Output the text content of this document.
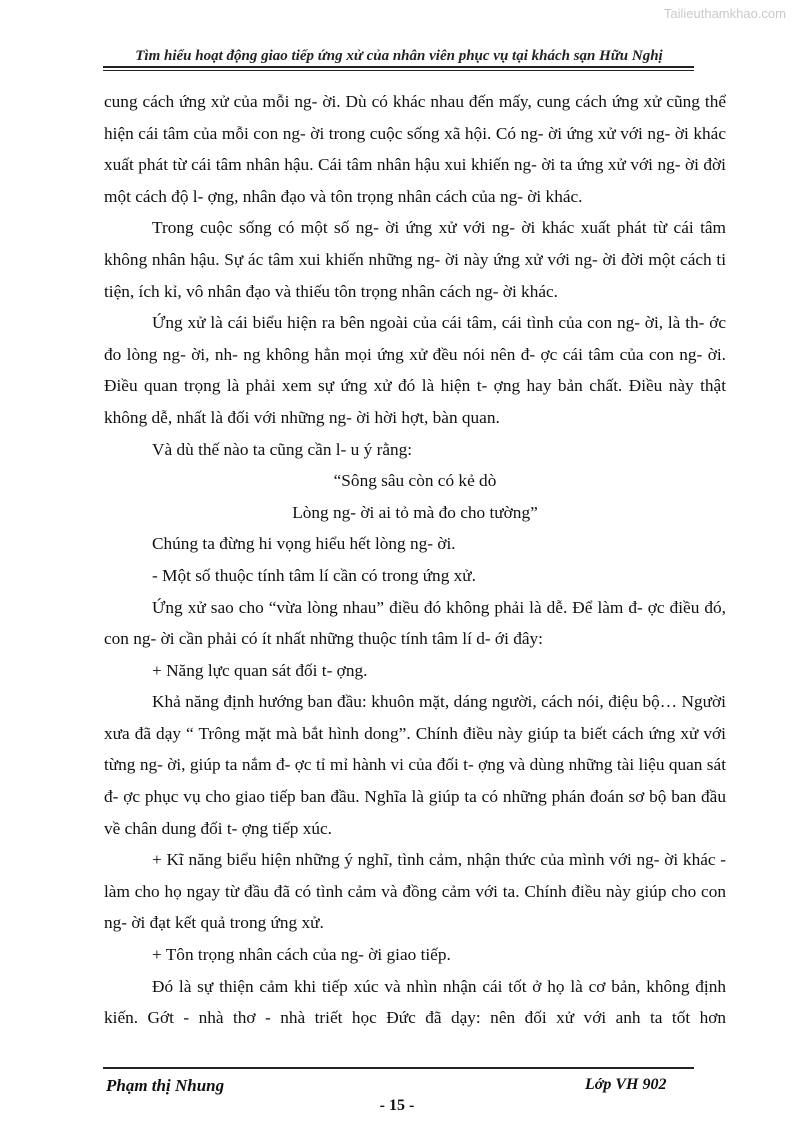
Tailieuthamkhao.com
Tìm hiểu hoạt động giao tiếp ứng xử của nhân viên phục vụ tại khách sạn Hữu Nghị
cung cách ứng xử của mỗi ng- ời. Dù có khác nhau đến mấy, cung cách ứng xử cũng thể hiện cái tâm của mỗi con ng- ời trong cuộc sống xã hội. Có ng- ời ứng xử với ng- ời khác xuất phát từ cái tâm nhân hậu. Cái tâm nhân hậu xui khiến ng- ời ta ứng xử với ng- ời đời một cách độ l- ợng, nhân đạo và tôn trọng nhân cách của ng- ời khác.
Trong cuộc sống có một số ng- ời ứng xử với ng- ời khác xuất phát từ cái tâm không nhân hậu. Sự ác tâm xui khiến những ng- ời này ứng xử với ng- ời đời một cách ti tiện, ích kỉ, vô nhân đạo và thiếu tôn trọng nhân cách ng- ời khác.
Ứng xử là cái biểu hiện ra bên ngoài của cái tâm, cái tình của con ng- ời, là th- ớc đo lòng ng- ời, nh- ng không hẳn mọi ứng xử đều nói nên đ- ợc cái tâm của con ng- ời. Điều quan trọng là phải xem sự ứng xử đó là hiện t- ợng hay bản chất. Điều này thật không dễ, nhất là đối với những ng- ời hời hợt, bàn quan.
Và dù thế nào ta cũng cần l- u ý rằng:
“Sông sâu còn có kẻ dò
Lòng ng- ời ai tỏ mà đo cho tường”
Chúng ta đừng hi vọng hiểu hết lòng ng- ời.
- Một số thuộc tính tâm lí cần có trong ứng xử.
Ứng xử sao cho “vừa lòng nhau” điều đó không phải là dễ. Để làm đ- ợc điều đó, con ng- ời cần phải có ít nhất những thuộc tính tâm lí d- ới đây:
+ Năng lực quan sát đối t- ợng.
Khả năng định hướng ban đầu: khuôn mặt, dáng người, cách nói, điệu bộ… Người xưa đã dạy “ Trông mặt mà bắt hình dong”. Chính điều này giúp ta biết cách ứng xử với từng ng- ời, giúp ta nắm đ- ợc tỉ mỉ hành vi của đối t- ợng và dùng những tài liệu quan sát đ- ợc phục vụ cho giao tiếp ban đầu. Nghĩa là giúp ta có những phán đoán sơ bộ ban đầu về chân dung đối t- ợng tiếp xúc.
+ Kĩ năng biểu hiện những ý nghĩ, tình cảm, nhận thức của mình với ng- ời khác - làm cho họ ngay từ đầu đã có tình cảm và đồng cảm với ta. Chính điều này giúp cho con ng- ời đạt kết quả trong ứng xử.
+ Tôn trọng nhân cách của ng- ời giao tiếp.
Đó là sự thiện cảm khi tiếp xúc và nhìn nhận cái tốt ở họ là cơ bản, không định kiến. Gớt - nhà thơ - nhà triết học Đức đã dạy: nên đối xử với anh ta tốt hơn
Phạm thị Nhung	Lớp VH 902
- 15 -
